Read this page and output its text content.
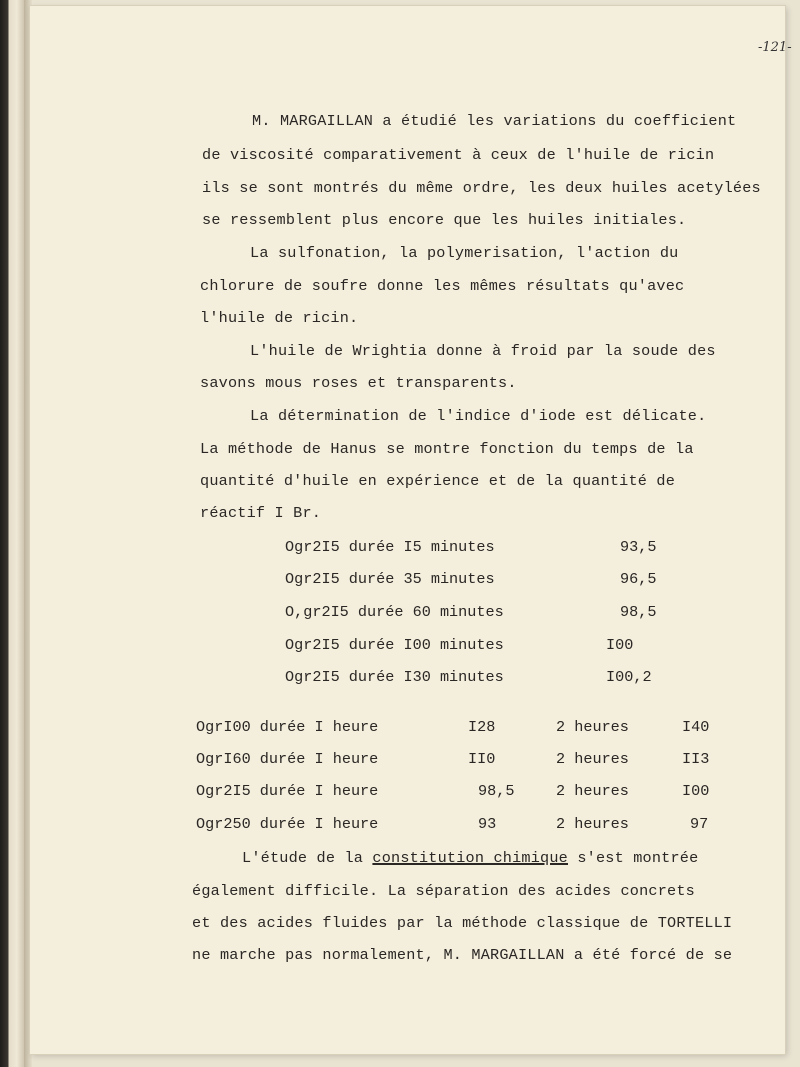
-121-
M. MARGAILLAN a étudié les variations du coefficient
de viscosité comparativement à ceux de l'huile de ricin
ils se sont montrés du même ordre, les deux huiles acetylées
se ressemblent plus encore que les huiles initiales.
La sulfonation, la polymerisation, l'action du
chlorure de soufre donne les mêmes résultats qu'avec
l'huile de ricin.
L'huile de Wrightia donne à froid par la soude des
savons mous roses et transparents.
La détermination de l'indice d'iode est délicate.
La méthode de Hanus se montre fonction du temps de la
quantité d'huile en expérience et de la quantité de
réactif I Br.
Ogr2I5 durée I5 minutes	93,5
Ogr2I5 durée 35 minutes	96,5
O,gr2I5 durée 60 minutes	98,5
Ogr2I5 durée I00 minutes	I00
Ogr2I5 durée I30 minutes	I00,2
OgrI00 durée I heure	I28	2 heures	I40
OgrI60 durée I heure	II0	2 heures	II3
Ogr2I5 durée I heure	98,5	2 heures	I00
Ogr250 durée I heure	93	2 heures	97
L'étude de la constitution chimique s'est montrée
également difficile. La séparation des acides concrets
et des acides fluides par la méthode classique de TORTELLI
ne marche pas normalement, M. MARGAILLAN a été forcé de se
